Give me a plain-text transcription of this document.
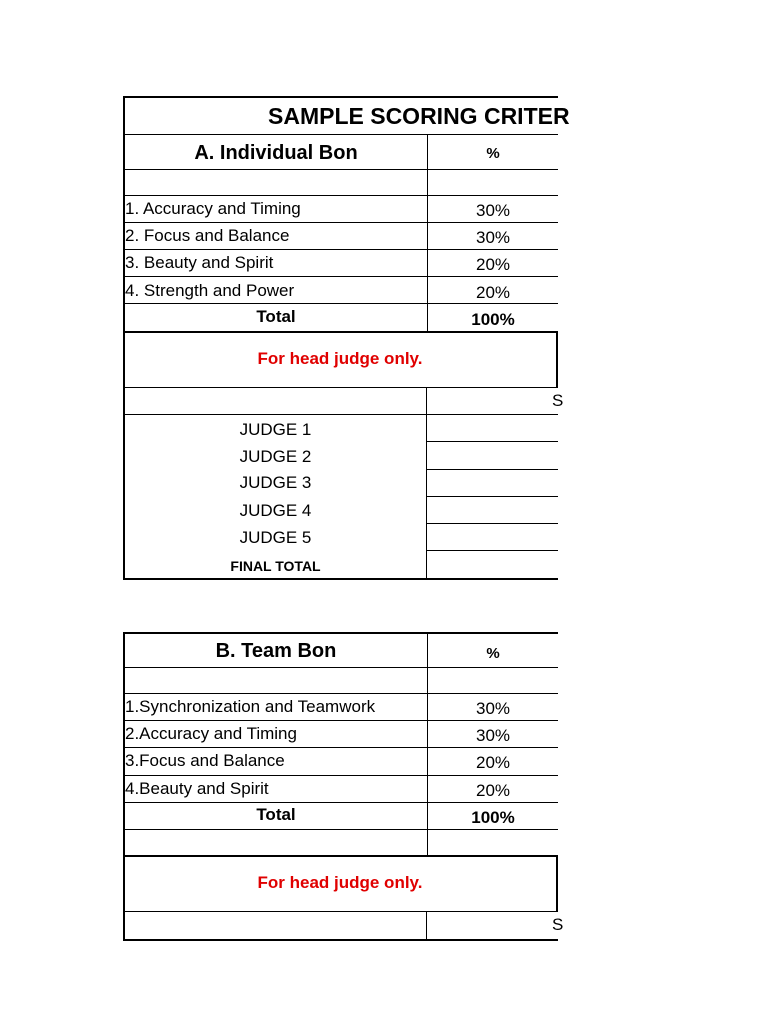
SAMPLE SCORING CRITER
A. Individual Bon	%
1. Accuracy and Timing	30%
2. Focus and Balance	30%
3. Beauty and Spirit	20%
4. Strength and Power	20%
Total	100%
For head judge only.
S
JUDGE 1
JUDGE 2
JUDGE 3
JUDGE 4
JUDGE 5
FINAL TOTAL
B. Team Bon	%
1.Synchronization and Teamwork	30%
2.Accuracy and Timing	30%
3.Focus and Balance	20%
4.Beauty and Spirit	20%
Total	100%
For head judge only.
S
